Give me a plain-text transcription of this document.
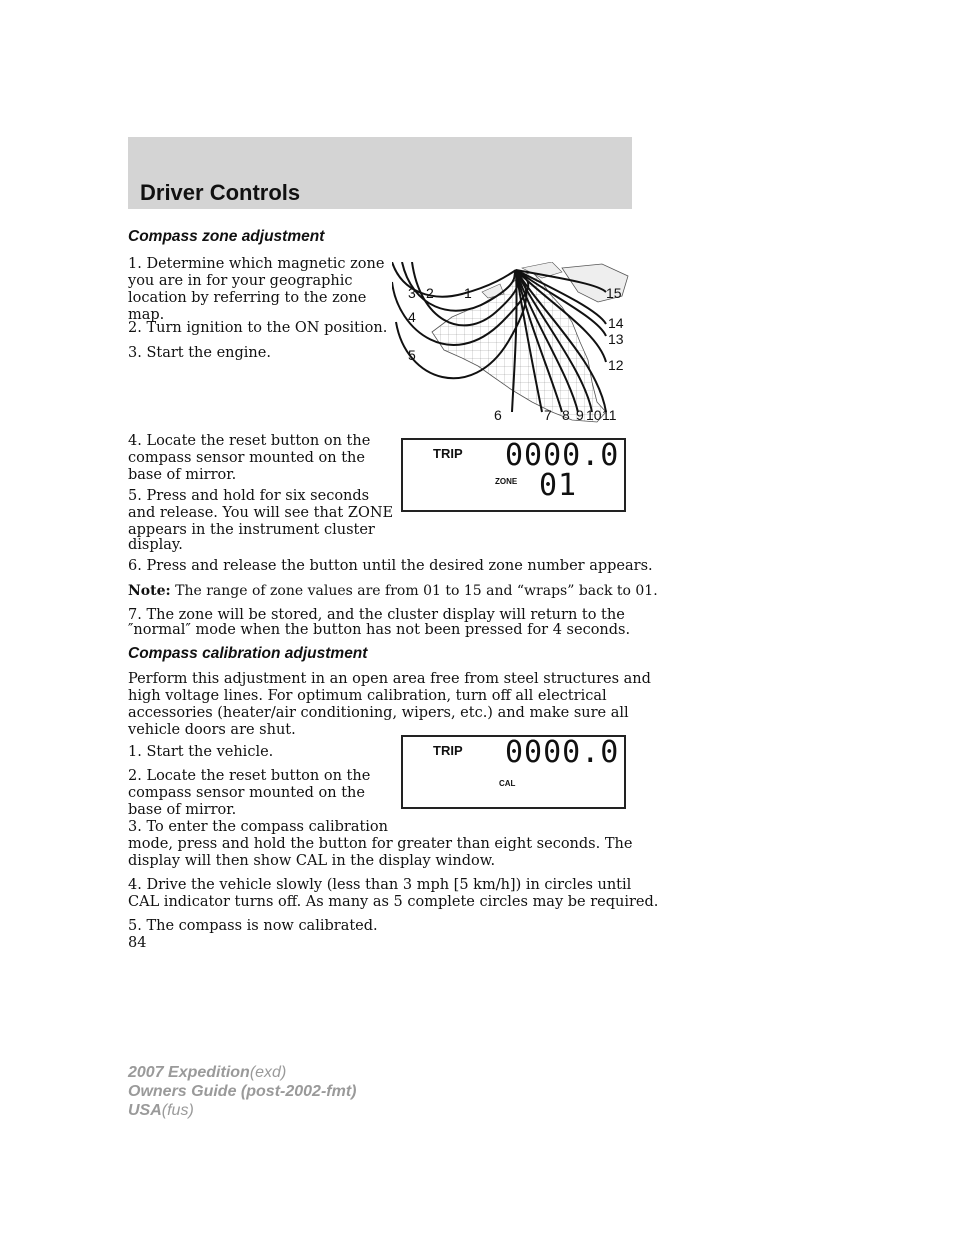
Driver Controls
Compass zone adjustment

1. Determine which magnetic zone

you are in for your geographic

location by referring to the zone

map.

2. Turn ignition to the ON position.

3. Start the engine.

4. Locate the reset button on the

compass sensor mounted on the

base of mirror.

5. Press and hold for six seconds

and release. You will see that ZONE

appears in the instrument cluster

display.

6. Press and release the button until the desired zone number appears.

Note: The range of zone values are from 01 to 15 and “wraps” back to 01.

7. The zone will be stored, and the cluster display will return to the

″normal″ mode when the button has not been pressed for 4 seconds.

1
2
3
4
5
6	7 8 9 10 11
12
13
14
15
TRIP 0000.0
ZONE 01
Compass calibration adjustment

Perform this adjustment in an open area free from steel structures and

high voltage lines. For optimum calibration, turn off all electrical

accessories (heater/air conditioning, wipers, etc.) and make sure all

vehicle doors are shut.

1. Start the vehicle.

2. Locate the reset button on the

compass sensor mounted on the

base of mirror.

3. To enter the compass calibration

mode, press and hold the button for greater than eight seconds. The

display will then show CAL in the display window.

4. Drive the vehicle slowly (less than 3 mph [5 km/h]) in circles until

CAL indicator turns off. As many as 5 complete circles may be required.

5. The compass is now calibrated.

TRIP 0000.0
CAL
84
2007 Expedition(exd)
Owners Guide (post-2002-fmt)
USA(fus)
